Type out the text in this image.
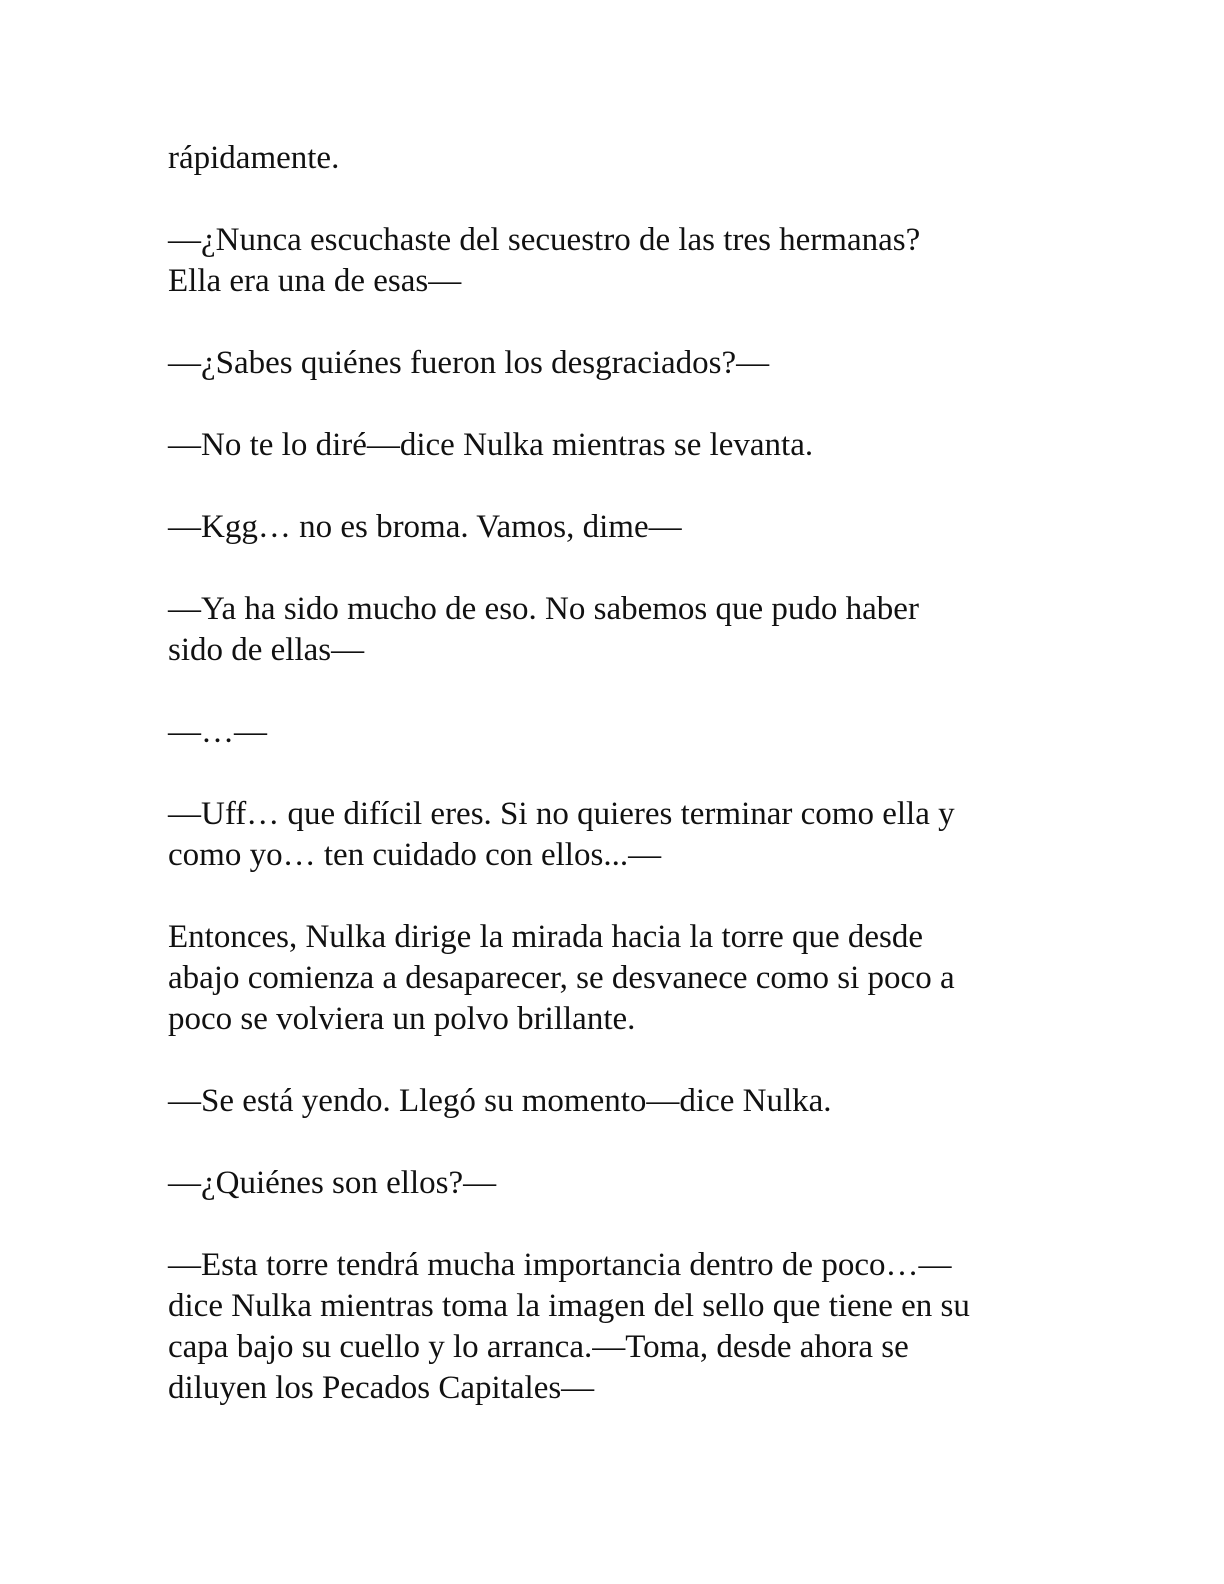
rápidamente.

—¿Nunca escuchaste del secuestro de las tres hermanas?
Ella era una de esas—

—¿Sabes quiénes fueron los desgraciados?—

—No te lo diré—dice Nulka mientras se levanta.

—Kgg… no es broma. Vamos, dime—

—Ya ha sido mucho de eso. No sabemos que pudo haber
sido de ellas—

—…—

—Uff… que difícil eres. Si no quieres terminar como ella y
como yo… ten cuidado con ellos...—

Entonces, Nulka dirige la mirada hacia la torre que desde
abajo comienza a desaparecer, se desvanece como si poco a
poco se volviera un polvo brillante.

—Se está yendo. Llegó su momento—dice Nulka.

—¿Quiénes son ellos?—

—Esta torre tendrá mucha importancia dentro de poco…—
dice Nulka mientras toma la imagen del sello que tiene en su
capa bajo su cuello y lo arranca.—Toma, desde ahora se
diluyen los Pecados Capitales—
